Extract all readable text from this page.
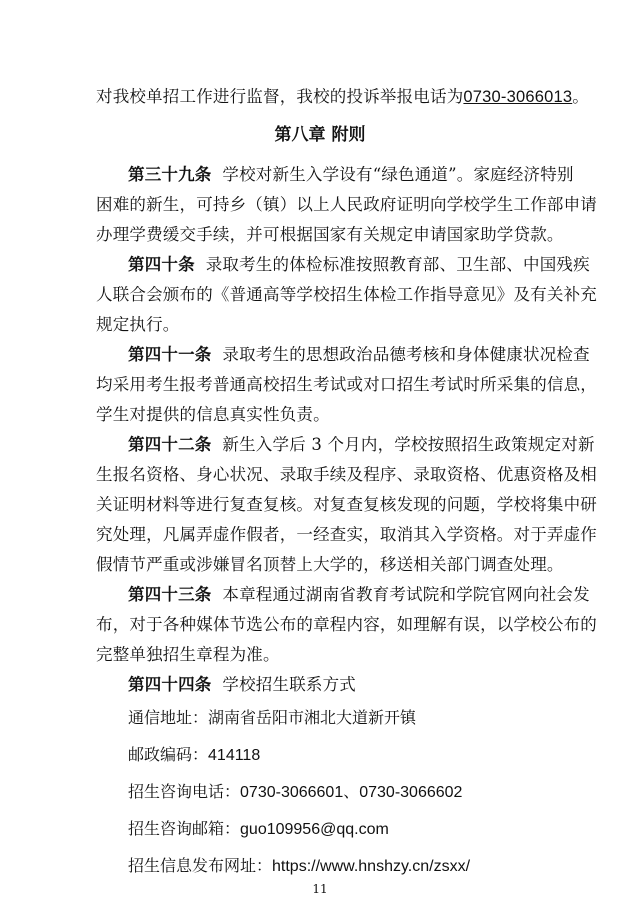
对我校单招工作进行监督，我校的投诉举报电话为0730-3066013。
第八章 附则
第三十九条 学校对新生入学设有“绿色通道”。家庭经济特别
困难的新生，可持乡（镇）以上人民政府证明向学校学生工作部申请
办理学费缓交手续，并可根据国家有关规定申请国家助学贷款。
第四十条 录取考生的体检标准按照教育部、卫生部、中国残疾
人联合会颁布的《普通高等学校招生体检工作指导意见》及有关补充
规定执行。
第四十一条 录取考生的思想政治品德考核和身体健康状况检查
均采用考生报考普通高校招生考试或对口招生考试时所采集的信息，
学生对提供的信息真实性负责。
第四十二条 新生入学后 3 个月内，学校按照招生政策规定对新
生报名资格、身心状况、录取手续及程序、录取资格、优惠资格及相
关证明材料等进行复查复核。对复查复核发现的问题，学校将集中研
究处理，凡属弄虚作假者，一经查实，取消其入学资格。对于弄虚作
假情节严重或涉嫌冒名顶替上大学的，移送相关部门调查处理。
第四十三条 本章程通过湖南省教育考试院和学院官网向社会发
布，对于各种媒体节选公布的章程内容，如理解有误，以学校公布的
完整单独招生章程为准。
第四十四条 学校招生联系方式
通信地址：湖南省岳阳市湘北大道新开镇
邮政编码：414118
招生咨询电话：0730-3066601、0730-3066602
招生咨询邮箱：guo109956@qq.com
招生信息发布网址：https://www.hnshzy.cn/zsxx/
11
